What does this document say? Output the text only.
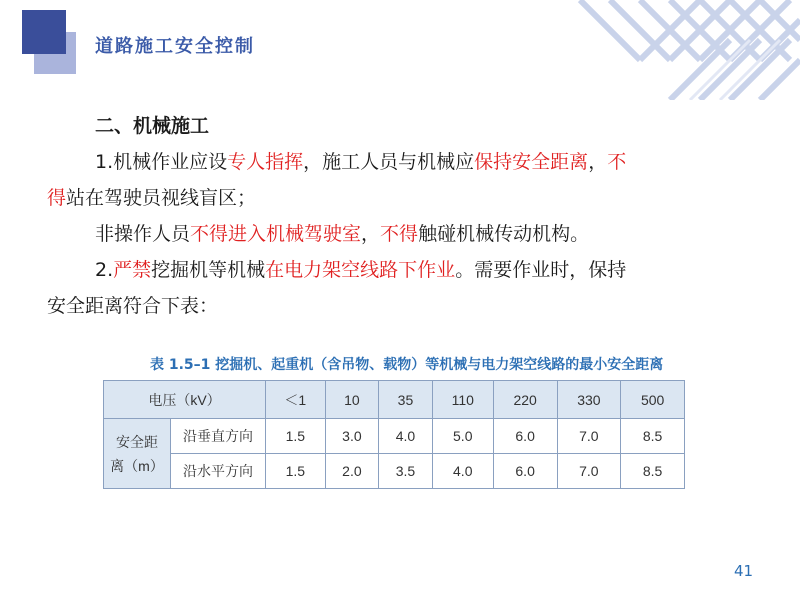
道路施工安全控制

二、机械施工

1.机械作业应设专人指挥，施工人员与机械应保持安全距离，不

得站在驾驶员视线盲区；

非操作人员不得进入机械驾驶室，不得触碰机械传动机构。

2.严禁挖掘机等机械在电力架空线路下作业。需要作业时，保持

安全距离符合下表：

表 1.5–1 挖掘机、起重机（含吊物、载物）等机械与电力架空线路的最小安全距离
电压（kV）		＜1	10	35	110	220	330	500
安全距
离（m）	沿垂直方向	1.5	3.0	4.0	5.0	6.0	7.0	8.5
	沿水平方向	1.5	2.0	3.5	4.0	6.0	7.0	8.5
41
